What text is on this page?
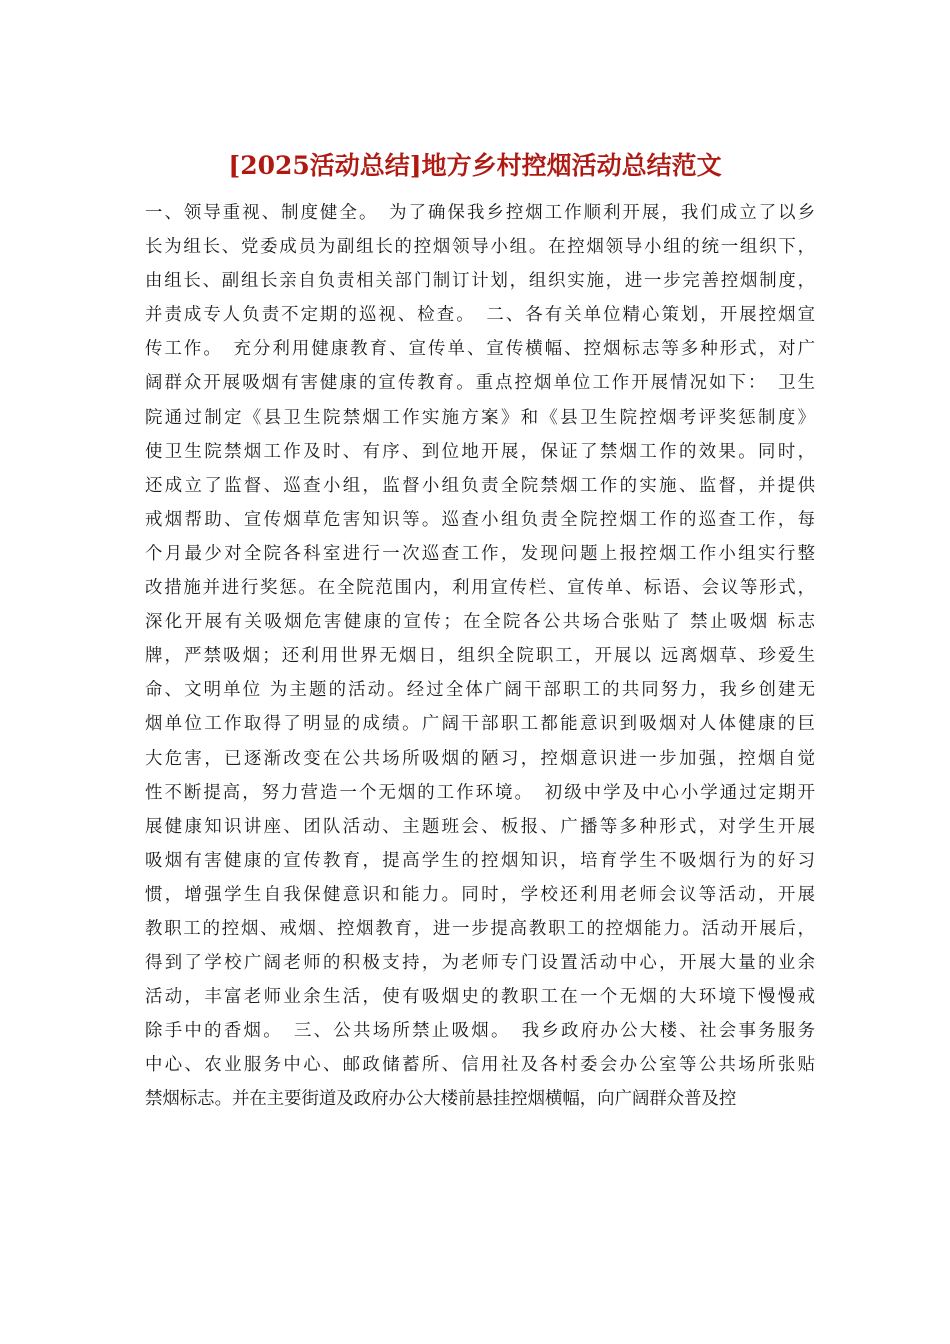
[2025活动总结]地方乡村控烟活动总结范文
一、领导重视、制度健全。　为了确保我乡控烟工作顺利开展，我们成立了以乡
长为组长、党委成员为副组长的控烟领导小组。在控烟领导小组的统一组织下，
由组长、副组长亲自负责相关部门制订计划，组织实施，进一步完善控烟制度，
并责成专人负责不定期的巡视、检查。　二、各有关单位精心策划，开展控烟宣
传工作。　充分利用健康教育、宣传单、宣传横幅、控烟标志等多种形式，对广
阔群众开展吸烟有害健康的宣传教育。重点控烟单位工作开展情况如下：　卫生
院通过制定《县卫生院禁烟工作实施方案》和《县卫生院控烟考评奖惩制度》
使卫生院禁烟工作及时、有序、到位地开展，保证了禁烟工作的效果。同时，
还成立了监督、巡查小组，监督小组负责全院禁烟工作的实施、监督，并提供
戒烟帮助、宣传烟草危害知识等。巡查小组负责全院控烟工作的巡查工作，每
个月最少对全院各科室进行一次巡查工作，发现问题上报控烟工作小组实行整
改措施并进行奖惩。在全院范围内，利用宣传栏、宣传单、标语、会议等形式，
深化开展有关吸烟危害健康的宣传；在全院各公共场合张贴了 禁止吸烟 标志
牌，严禁吸烟；还利用世界无烟日，组织全院职工，开展以 远离烟草、珍爱生
命、文明单位 为主题的活动。经过全体广阔干部职工的共同努力，我乡创建无
烟单位工作取得了明显的成绩。广阔干部职工都能意识到吸烟对人体健康的巨
大危害，已逐渐改变在公共场所吸烟的陋习，控烟意识进一步加强，控烟自觉
性不断提高，努力营造一个无烟的工作环境。　初级中学及中心小学通过定期开
展健康知识讲座、团队活动、主题班会、板报、广播等多种形式，对学生开展
吸烟有害健康的宣传教育，提高学生的控烟知识，培育学生不吸烟行为的好习
惯，增强学生自我保健意识和能力。同时，学校还利用老师会议等活动，开展
教职工的控烟、戒烟、控烟教育，进一步提高教职工的控烟能力。活动开展后，
得到了学校广阔老师的积极支持，为老师专门设置活动中心，开展大量的业余
活动，丰富老师业余生活，使有吸烟史的教职工在一个无烟的大环境下慢慢戒
除手中的香烟。　三、公共场所禁止吸烟。　我乡政府办公大楼、社会事务服务
中心、农业服务中心、邮政储蓄所、信用社及各村委会办公室等公共场所张贴
禁烟标志。并在主要街道及政府办公大楼前悬挂控烟横幅，向广阔群众普及控
